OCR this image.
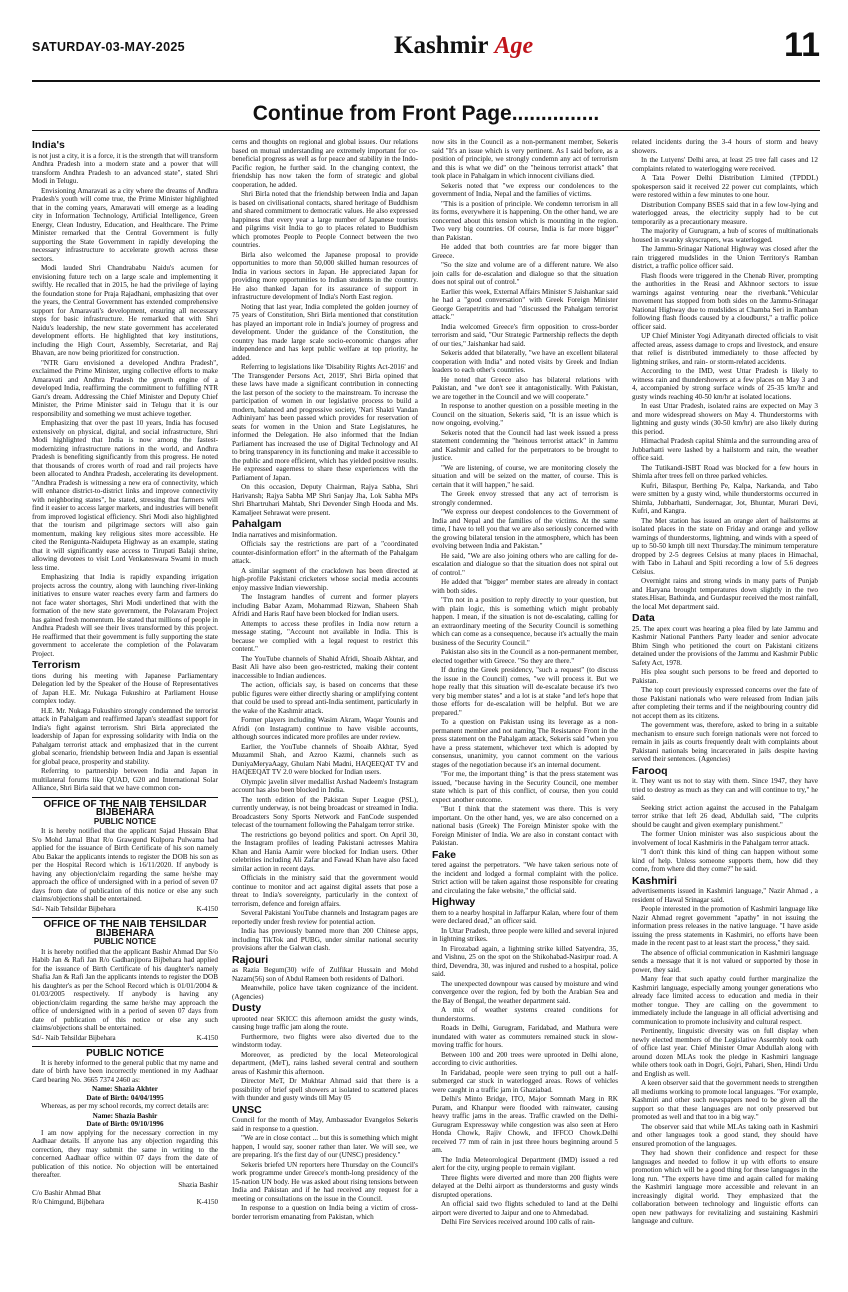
SATURDAY-03-MAY-2025	Kashmir Age	11
Continue from Front Page...............
India's

is not just a city, it is a force, it is the strength that will transform Andhra Pradesh into a modern state and a power that will transform Andhra Pradesh to an advanced state", stated Shri Modi in Telugu.

Envisioning Amaravati as a city where the dreams of Andhra Pradesh's youth will come true, the Prime Minister highlighted that in the coming years, Amaravati will emerge as a leading city in Information Technology, Artificial Intelligence, Green Energy, Clean Industry, Education, and Healthcare. The Prime Minister remarked that the Central Government is fully supporting the State Government in rapidly developing the necessary infrastructure to accelerate growth across these sectors.

Modi lauded Shri Chandrababu Naidu's acumen for envisioning future tech on a large scale and implementing it swiftly. He recalled that in 2015, he had the privilege of laying the foundation stone for Praja Rajadhani, emphasizing that over the years, the Central Government has extended comprehensive support for Amaravati's development, ensuring all necessary steps for basic infrastructure. He remarked that with Shri Naidu's leadership, the new state government has accelerated development efforts. He highlighted that key institutions, including the High Court, Assembly, Secretariat, and Raj Bhavan, are now being prioritized for construction.

"NTR Garu envisioned a developed Andhra Pradesh", exclaimed the Prime Minister, urging collective efforts to make Amaravati and Andhra Pradesh the growth engine of a developed India, reaffirming the commitment to fulfilling NTR Garu's dream. Addressing the Chief Minister and Deputy Chief Minister, the Prime Minister said in Telugu that it is our responsibility and something we must achieve together.

Emphasizing that over the past 10 years, India has focused extensively on physical, digital, and social infrastructure, Shri Modi highlighted that India is now among the fastest-modernizing infrastructure nations in the world, and Andhra Pradesh is benefiting significantly from this progress. He noted that thousands of crores worth of road and rail projects have been allocated to Andhra Pradesh, accelerating its development. "Andhra Pradesh is witnessing a new era of connectivity, which will enhance district-to-district links and improve connectivity with neighboring states", he stated, stressing that farmers will find it easier to access larger markets, and industries will benefit from improved logistical efficiency. Shri Modi also highlighted that the tourism and pilgrimage sectors will also gain momentum, making key religious sites more accessible. He cited the Renigunta-Naidupeta Highway as an example, stating that it will significantly ease access to Tirupati Balaji shrine, allowing devotees to visit Lord Venkateswara Swami in much less time.

Emphasizing that India is rapidly expanding irrigation projects across the country, along with launching river-linking initiatives to ensure water reaches every farm and farmers do not face water shortages, Shri Modi underlined that with the formation of the new state government, the Polavaram Project has gained fresh momentum. He stated that millions of people in Andhra Pradesh will see their lives transformed by this project. He reaffirmed that their government is fully supporting the state government to accelerate the completion of the Polavaram Project.

Terrorism

tions during his meeting with Japanese Parliamentary Delegation led by the Speaker of the House of Representatives of Japan H.E. Mr. Nukaga Fukushiro at Parliament House complex today.

H.E. Mr. Nukaga Fukushiro strongly condemned the terrorist attack in Pahalgam and reaffirmed Japan's steadfast support for India's fight against terrorism. Shri Birla appreciated the leadership of Japan for expressing solidarity with India on the Pahalgam terrorist attack and emphasized that in the current global scenario, friendship between India and Japan is essential for global peace, prosperity and stability.

Referring to partnership between India and Japan in multilateral forums like QUAD, G20 and International Solar Alliance, Shri Birla said that we have common con-

OFFICE OF THE NAIB TEHSILDAR BIJBEHARA
PUBLIC NOTICE

It is hereby notified that the applicant Sajad Hussain Bhat S/o Mohd Jamal Bhat R/o Grawgund Kulpora Pulwama had applied for the issuance of Birth Certificate of his son namely Abu Bakar the applicants intends to register the DOB his son as per the Hospital Record which is 16/11/2020. If anybody is having any objection/claim regarding the same he/she may approach the office of undersigned with in a period of seven 07 days from date of publication of this notice or else any such claims/objections shall be entertained.

Sd/- Naib Tehsildar Bijbehara	K-4150
OFFICE OF THE NAIB TEHSILDAR BIJBEHARA
PUBLIC NOTICE

It is hereby notified that the applicant Bashir Ahmad Dar S/o Habib Jan & Rafi Jan R/o Gadhanjipora Bijbehara had applied for the issuance of Birth Certificate of his daughter's namely Shafia Jan & Rafi Jan the applicants intends to register the DOB his daughter's as per the School Record which is 01/01/2004 & 01/03/2005 respectively. If anybody is having any objection/claim regarding the same he/she may approach the office of undersigned with in a period of seven 07 days from date of publication of this notice or else any such claims/objections shall be entertained.

Sd/- Naib Tehsildar Bijbehara	K-4150
PUBLIC NOTICE

It is hereby informed to the general public that my name and date of birth have been incorrectly mentioned in my Aadhaar Card bearing No. 3665 7374 2460 as:

Name: Shazia Akhter

Date of Birth: 04/04/1995

Whereas, as per my school records, my correct details are:

Name: Shazia Bashir

Date of Birth: 09/10/1996

I am now applying for the necessary correction in my Aadhaar details. If anyone has any objection regarding this correction, they may submit the same in writing to the concerned Aadhaar office within 07 days from the date of publication of this notice. No objection will be entertained thereafter.

Shazia Bashir

C/o Bashir Ahmad Bhat

R/o Chimgund, Bijbehara	K-4150

cerns and thoughts on regional and global issues. Our relations based on mutual understanding are extremely important for co-beneficial progress as well as for peace and stability in the Indo-Pacific region, he further said. In the changing context, the friendship has now taken the form of strategic and global cooperation, he added.

Shri Birla noted that the friendship between India and Japan is based on civilisational contacts, shared heritage of Buddhism and shared commitment to democratic values. He also expressed happiness that every year a large number of Japanese tourists and pilgrims visit India to go to places related to Buddhism which promotes People to People Connect between the two countries.

Birla also welcomed the Japanese proposal to provide opportunities to more than 50,000 skilled human resources of India in various sectors in Japan. He appreciated Japan for providing more opportunities to Indian students in the country. He also thanked Japan for its assurance of support in infrastructure development of India's North East region.

Noting that last year, India completed the golden journey of 75 years of Constitution, Shri Birla mentioned that constitution has played an important role in India's journey of progress and development. Under the guidance of the Constitution, the country has made large scale socio-economic changes after independence and has kept public welfare at top priority, he added.

Referring to legislations like 'Disability Rights Act-2016' and 'The Transgender Persons Act, 2019', Shri Birla opined that these laws have made a significant contribution in connecting the last person of the society to the mainstream. To increase the participation of women in our legislative process to build a modern, balanced and progressive society, 'Nari Shakti Vandan Adhiniyam' has been passed which provides for reservation of seats for women in the Union and State Legislatures, he informed the Delegation. He also informed that the Indian Parliament has increased the use of Digital Technology and AI to bring transparency in its functioning and make it accessible to the public and more efficient, which has yielded positive results. He expressed eagerness to share these experiences with the Parliament of Japan.

On this occasion, Deputy Chairman, Rajya Sabha, Shri Harivansh; Rajya Sabha MP Shri Sanjay Jha, Lok Sabha MPs Shri Bhartruhari Mahtab, Shri Devender Singh Hooda and Ms. Kamaljeet Sehrawat were present.

Pahalgam

India narratives and misinformation.

Officials say the restrictions are part of a "coordinated counter-disinformation effort" in the aftermath of the Pahalgam attack.

A similar segment of the crackdown has been directed at high-profile Pakistani cricketers whose social media accounts enjoy massive Indian viewership.

The Instagram handles of current and former players including Babar Azam, Mohammad Rizwan, Shaheen Shah Afridi and Haris Rauf have been blocked for Indian users.

Attempts to access these profiles in India now return a message stating, "Account not available in India. This is because we complied with a legal request to restrict this content."

The YouTube channels of Shahid Afridi, Shoaib Akhtar, and Basit Ali have also been geo-restricted, making their content inaccessible to Indian audiences.

The action, officials say, is based on concerns that these public figures were either directly sharing or amplifying content that could be used to spread anti-India sentiment, particularly in the wake of the Kashmir attack.

Former players including Wasim Akram, Waqar Younis and Afridi (on Instagram) continue to have visible accounts, although sources indicated more profiles are under review.

Earlier, the YouTube channels of Shoaib Akhtar, Syed Muzammil Shah, and Azroo Kazmi, channels such as DuniyaMeryaAagy, Ghulam Nabi Madni, HAQEEQAT TV and HAQEEQAT TV 2.0 were blocked for Indian users.

Olympic javelin silver medallist Arshad Nadeem's Instagram account has also been blocked in India.

The tenth edition of the Pakistan Super League (PSL), currently underway, is not being broadcast or streamed in India. Broadcasters Sony Sports Network and FanCode suspended telecast of the tournament following the Pahalgam terror strike.

The restrictions go beyond politics and sport. On April 30, the Instagram profiles of leading Pakistani actresses Mahira Khan and Hania Aamir were blocked for Indian users. Other celebrities including Ali Zafar and Fawad Khan have also faced similar action in recent days.

Officials in the ministry said that the government would continue to monitor and act against digital assets that pose a threat to India's sovereignty, particularly in the context of terrorism, defence and foreign affairs.

Several Pakistani YouTube channels and Instagram pages are reportedly under fresh review for potential action.

India has previously banned more than 200 Chinese apps, including TikTok and PUBG, under similar national security provisions after the Galwan clash.

Rajouri

as Razia Begum(30) wife of Zulfikar Hussain and Mohd Nazam(56) son of Abdul Rameen both residents of Dalhori.

Meanwhile, police have taken cognizance of the incident. (Agencies)

Dusty

uprooted near SKICC this afternoon amidst the gusty winds, causing huge traffic jam along the route.

Furthermore, two flights were also diverted due to the windstorm today.

Moreover, as predicted by the local Meteorological department, (MeT), rains lashed several central and southern areas of Kashmir this afternoon.

Director MeT, Dr Mukhtar Ahmad said that there is a possibility of brief spell showers at isolated to scattered places with thunder and gusty winds till May 05

UNSC

Council for the month of May, Ambassador Evangelos Sekeris said in response to a question.

"We are in close contact ... but this is something which might happen, I would say, sooner rather than later. We will see, we are preparing. It's the first day of our (UNSC) presidency."

Sekeris briefed UN reporters here Thursday on the Council's work programme under Greece's month-long presidency of the 15-nation UN body. He was asked about rising tensions between India and Pakistan and if he had received any request for a meeting or consultations on the issue in the Council.

In response to a question on India being a victim of cross-border terrorism emanating from Pakistan, which

now sits in the Council as a non-permanent member, Sekeris said "It's an issue which is very pertinent. As I said before, as a position of principle, we strongly condemn any act of terrorism and this is what we did" on the "heinous terrorist attack" that took place in Pahalgam in which innocent civilians died.

Sekeris noted that "we express our condolences to the government of India, Nepal and the families of victims.

"This is a position of principle. We condemn terrorism in all its forms, everywhere it is happening. On the other hand, we are concerned about this tension which is mounting in the region. Two very big countries. Of course, India is far more bigger" than Pakistan.

He added that both countries are far more bigger than Greece.

"So the size and volume are of a different nature. We also join calls for de-escalation and dialogue so that the situation does not spiral out of control."

Earlier this week, External Affairs Minister S Jaishankar said he had a "good conversation" with Greek Foreign Minister George Gerapetritis and had "discussed the Pahalgam terrorist attack."

India welcomed Greece's firm opposition to cross-border terrorism and said, "Our Strategic Partnership reflects the depth of our ties," Jaishankar had said.

Sekeris added that bilaterally, "we have an excellent bilateral cooperation with India" and noted visits by Greek and Indian leaders to each other's countries.

He noted that Greece also has bilateral relations with Pakistan, and "we don't see it antagonistically. With Pakistan, we are together in the Council and we will cooperate."

In response to another question on a possible meeting in the Council on the situation, Sekeris said, "It is an issue which is now ongoing, evolving."

Sekeris noted that the Council had last week issued a press statement condemning the "heinous terrorist attack" in Jammu and Kashmir and called for the perpetrators to be brought to justice.

"We are listening, of course, we are monitoring closely the situation and will be seized on the matter, of course. This is certain that it will happen," he said.

The Greek envoy stressed that any act of terrorism is strongly condemned.

"We express our deepest condolences to the Government of India and Nepal and the families of the victims. At the same time, I have to tell you that we are also seriously concerned with the growing bilateral tension in the atmosphere, which has been evolving between India and Pakistan."

He said, "We are also joining others who are calling for de-escalation and dialogue so that the situation does not spiral out of control."

He added that "bigger" member states are already in contact with both sides.

"I'm not in a position to reply directly to your question, but with plain logic, this is something which might probably happen. I mean, if the situation is not de-escalating, calling for an extraordinary meeting of the Security Council is something which can come as a consequence, because it's actually the main business of the Security Council."

Pakistan also sits in the Council as a non-permanent member, elected together with Greece. "So they are there."

If during the Greek presidency, "such a request" (to discuss the issue in the Council) comes, "we will process it. But we hope really that this situation will de-escalate because it's two very big member states" and a lot is at stake "and let's hope that those efforts for de-escalation will be helpful. But we are prepared."

To a question on Pakistan using its leverage as a non-permanent member and not naming The Resistance Front in the press statement on the Pahalgam attack, Sekeris said "when you have a press statement, whichever text which is adopted by consensus, unanimity, you cannot comment on the various stages of the negotiation because it's an internal document.

"For me, the important thing" is that the press statement was issued, "because having in the Security Council, one member state which is part of this conflict, of course, then you could expect another outcome.

"But I think that the statement was there. This is very important. On the other hand, yes, we are also concerned on a national basis (Greek) The Foreign Minister spoke with the Foreign Minister of India. We are also in constant contact with Pakistan.

Fake

tered against the perpetrators. "We have taken serious note of the incident and lodged a formal complaint with the police. Strict action will be taken against those responsible for creating and circulating the fake website," the official said.

Highway

them to a nearby hospital in Jaffarpur Kalan, where four of them were declared dead," an officer said.

In Uttar Pradesh, three people were killed and several injured in lightning strikes.

In Firozabad again, a lightning strike killed Satyendra, 35, and Vishnu, 25 on the spot on the Shikohabad-Nasirpur road. A third, Devendra, 30, was injured and rushed to a hospital, police said.

The unexpected downpour was caused by moisture and wind convergence over the region, fed by both the Arabian Sea and the Bay of Bengal, the weather department said.

A mix of weather systems created conditions for thunderstorms.

Roads in Delhi, Gurugram, Faridabad, and Mathura were inundated with water as commuters remained stuck in slow-moving traffic for hours.

Between 100 and 200 trees were uprooted in Delhi alone, according to civic authorities.

In Faridabad, people were seen trying to pull out a half-submerged car stuck in waterlogged areas. Rows of vehicles were caught in a traffic jam in Ghaziabad.

Delhi's Minto Bridge, ITO, Major Somnath Marg in RK Puram, and Khanpur were flooded with rainwater, causing heavy traffic jams in the areas. Traffic crawled on the Delhi-Gurugram Expressway while congestion was also seen at Hero Honda Chowk, Rajiv Chowk, and IFFCO Chowk.Delhi received 77 mm of rain in just three hours beginning around 5 am.

The India Meteorological Department (IMD) issued a red alert for the city, urging people to remain vigilant.

Three flights were diverted and more than 200 flights were delayed at the Delhi airport as thunderstorms and gusty winds disrupted operations.

An official said two flights scheduled to land at the Delhi airport were diverted to Jaipur and one to Ahmedabad.

Delhi Fire Services received around 100 calls of rain-

related incidents during the 3-4 hours of storm and heavy showers.

In the Lutyens' Delhi area, at least 25 tree fall cases and 12 complaints related to waterlogging were received.

A Tata Power Delhi Distribution Limited (TPDDL) spokesperson said it received 22 power cut complaints, which were restored within a few minutes to one hour.

Distribution Company BSES said that in a few low-lying and waterlogged areas, the electricity supply had to be cut temporarily as a precautionary measure.

The majority of Gurugram, a hub of scores of multinationals housed in swanky skyscrapers, was waterlogged.

The Jammu-Srinagar National Highway was closed after the rain triggered mudslides in the Union Territory's Ramban district, a traffic police officer said.

Flash floods were triggered in the Chenab River, prompting the authorities in the Reasi and Akhnoor sectors to issue warnings against venturing near the riverbank."Vehicular movement has stopped from both sides on the Jammu-Srinagar National Highway due to mudslides at Chamba Seri in Ramban following flash floods caused by a cloudburst," a traffic police officer said.

UP Chief Minister Yogi Adityanath directed officials to visit affected areas, assess damage to crops and livestock, and ensure that relief is distributed immediately to those affected by lightning strikes, and rain- or storm-related accidents.

According to the IMD, west Uttar Pradesh is likely to witness rain and thundershowers at a few places on May 3 and 4, accompanied by strong surface winds of 25-35 km/hr and gusty winds reaching 40-50 km/hr at isolated locations.

In east Uttar Pradesh, isolated rains are expected on May 3 and more widespread showers on May 4. Thunderstorms with lightning and gusty winds (30-50 km/hr) are also likely during this period.

Himachal Pradesh capital Shimla and the surrounding area of Jubbarhatti were lashed by a hailstorm and rain, the weather office said.

The Tutikandi-ISBT Road was blocked for a few hours in Shimla after trees fell on three parked vehicles.

Kufri, Bilaspur, Berthing Pe, Kalpa, Narkanda, and Tabo were smitten by a gusty wind, while thunderstorms occurred in Shimla, Jubbarhatti, Sundernagar, Jot, Bhuntar, Murari Devi, Kufri, and Kangra.

The Met station has issued an orange alert of hailstorms at isolated places in the state on Friday and orange and yellow warnings of thunderstorms, lightning, and winds with a speed of up to 50-50 kmph till next Thursday.The minimum temperature dropped by 2-5 degrees Celsius at many places in Himachal, with Tabo in Lahaul and Spiti recording a low of 5.6 degrees Celsius.

Overnight rains and strong winds in many parts of Punjab and Haryana brought temperatures down slightly in the two states.Hisar, Bathinda, and Gurdaspur received the most rainfall, the local Met department said.

Data

25. The apex court was hearing a plea filed by late Jammu and Kashmir National Panthers Party leader and senior advocate Bhim Singh who petitioned the court on Pakistani citizens detained under the provisions of the Jammu and Kashmir Public Safety Act, 1978.

His plea sought such persons to be freed and deported to Pakistan.

The top court previously expressed concerns over the fate of those Pakistani nationals who were released from Indian jails after completing their terms and if the neighbouring country did not accept them as its citizens.

The government was, therefore, asked to bring in a suitable mechanism to ensure such foreign nationals were not forced to remain in jails as courts frequently dealt with complaints about Pakistani nationals being incarcerated in jails despite having served their sentences. (Agencies)

Farooq

it. They want us not to stay with them. Since 1947, they have tried to destroy as much as they can and will continue to try," he said.

Seeking strict action against the accused in the Pahalgam terror strike that left 26 dead, Abdullah said, "The culprits should be caught and given exemplary punishment."

The former Union minister was also suspicious about the involvement of local Kashmiris in the Pahalgam terror attack.

"I don't think this kind of thing can happen without some kind of help. Unless someone supports them, how did they come, from where did they come?" he said.

Kashmiri

advertisements issued in Kashmiri language," Nazir Ahmad , a resident of Hawal Srinagar said.

People interested in the promotion of Kashmiri language like Nazir Ahmad regret government "apathy" in not issuing the information press releases in the native language. "I have aside issuing the press statements in Kashmiri, no efforts have been made in the recent past to at least start the process," they said.

The absence of official communication in Kashmiri language sends a message that it is not valued or supported by those in power, they said.

Many fear that such apathy could further marginalize the Kashmiri language, especially among younger generations who already face limited access to education and media in their mother tongue. They are calling on the government to immediately include the language in all official advertising and communication to promote inclusivity and cultural respect.

Pertinently, linguistic diversity was on full display when newly elected members of the Legislative Assembly took oath of office last year. Chief Minister Omar Abdullah along with around dozen MLAs took the pledge in Kashmiri language while others took oath in Dogri, Gojri, Pahari, Shen, Hindi Urdu and English as well.

A keen observer said that the government needs to strengthen all mediums working to promote local languages. "For example, Kashmiri and other such newspapers need to be given all the support so that these languages are not only preserved but promoted as well and that too in a big way."

The observer said that while MLAs taking oath in Kashmiri and other languages took a good stand, they should have ensured promotion of the languages.

They had shown their confidence and respect for these languages and needed to follow it up with efforts to ensure promotion which will be a good thing for these languages in the long run. "The experts have time and again called for making the Kashmiri language more accessible and relevant in an increasingly digital world. They emphasized that the collaboration between technology and linguistic efforts can open new pathways for revitalizing and sustaining Kashmiri language and culture.
